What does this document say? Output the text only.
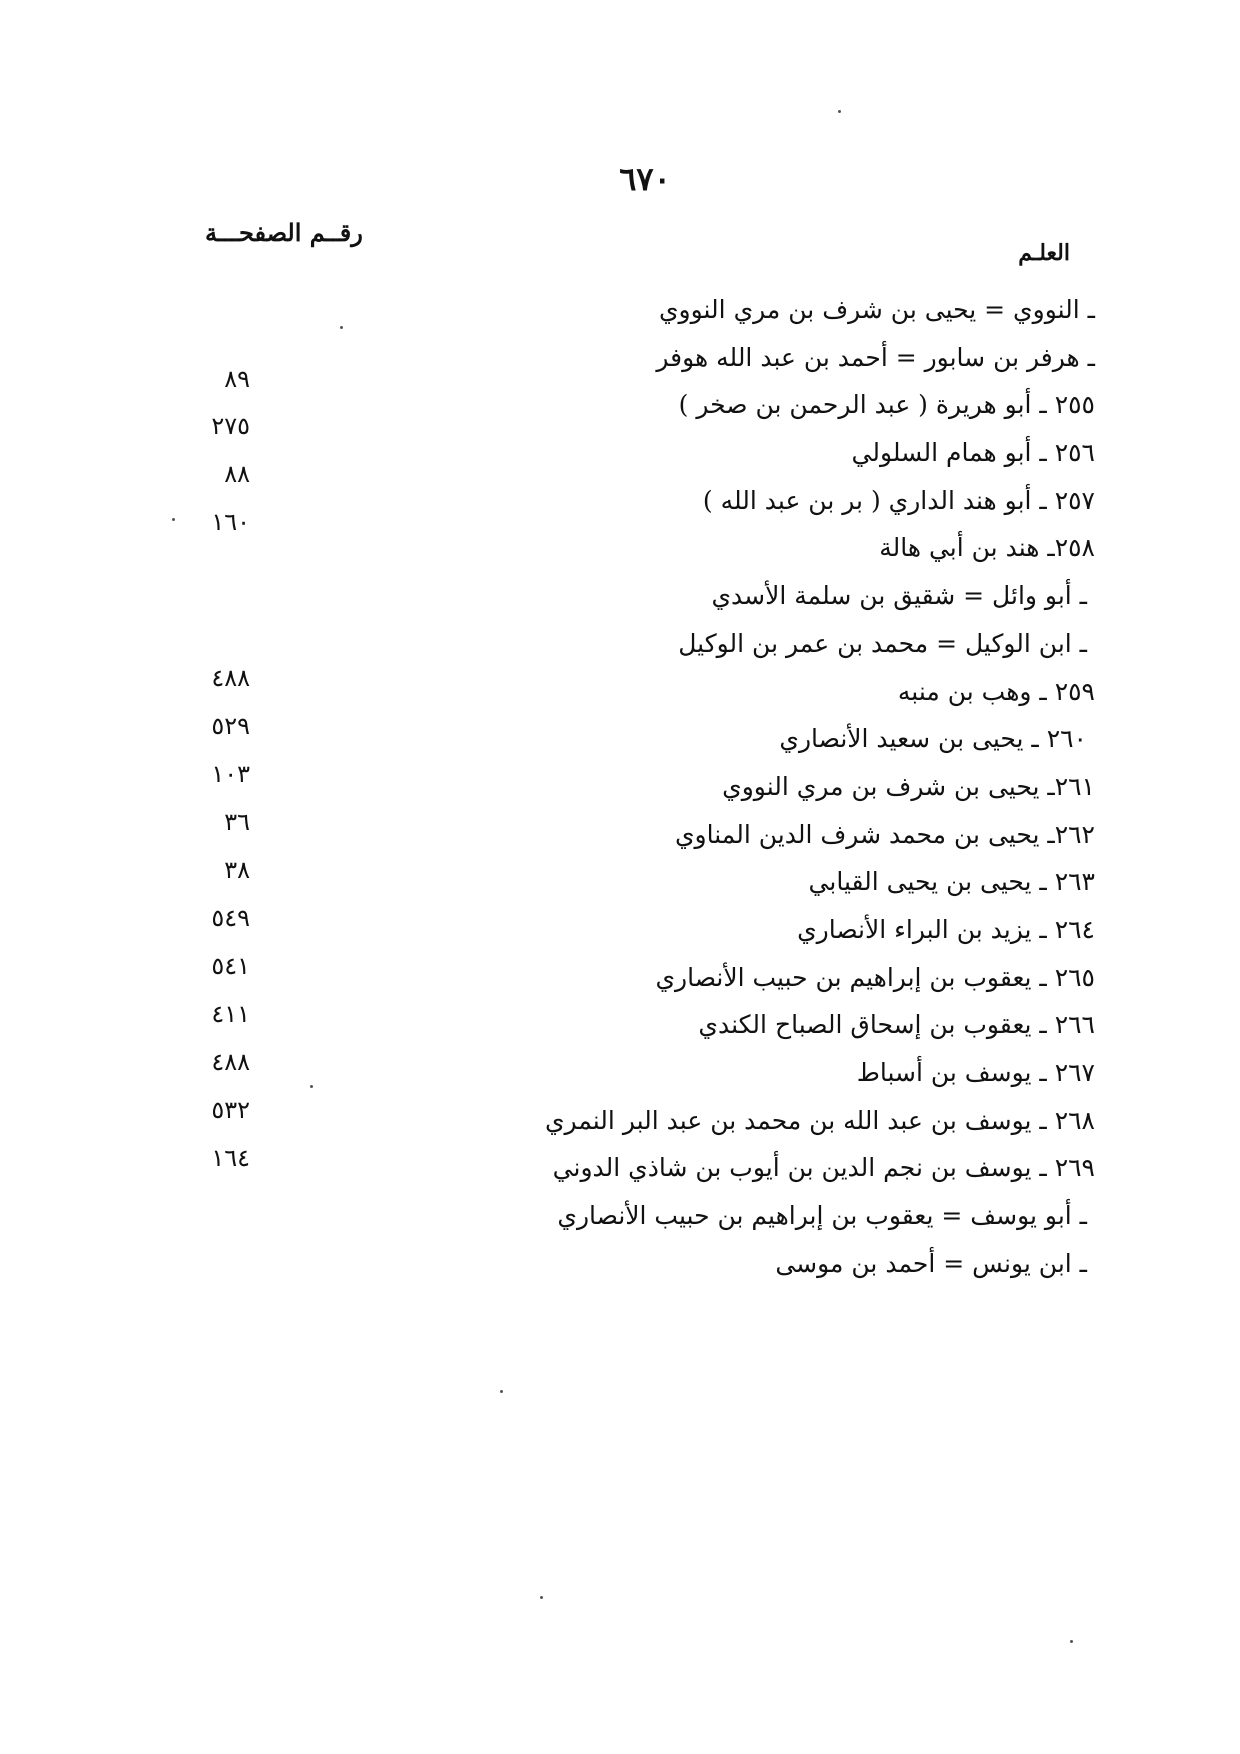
٦٧٠
رقــم الصفحـــة
العلـم
ـ النووي = يحيى بن شرف بن مري النووي
ـ هرفر بن سابور = أحمد بن عبد الله هوفر
٢٥٥ ـ أبو هريرة ( عبد الرحمن بن صخر )
٢٥٦ ـ أبو همام السلولي
٢٥٧ ـ أبو هند الداري ( بر بن عبد الله )
٢٥٨ـ هند بن أبي هالة
ـ أبو وائل = شقيق بن سلمة الأسدي
ـ ابن الوكيل = محمد بن عمر بن الوكيل
٢٥٩ ـ وهب بن منبه
٢٦٠ ـ يحيى بن سعيد الأنصاري
٢٦١ـ يحيى بن شرف بن مري النووي
٢٦٢ـ يحيى بن محمد شرف الدين المناوي
٢٦٣ ـ يحيى بن يحيى القيابي
٢٦٤ ـ يزيد بن البراء الأنصاري
٢٦٥ ـ يعقوب بن إبراهيم بن حبيب الأنصاري
٢٦٦ ـ يعقوب بن إسحاق الصباح الكندي
٢٦٧ ـ يوسف بن أسباط
٢٦٨ ـ يوسف بن عبد الله بن محمد بن عبد البر النمري
٢٦٩ ـ يوسف بن نجم الدين بن أيوب بن شاذي الدوني
ـ أبو يوسف = يعقوب بن إبراهيم بن حبيب الأنصاري
ـ ابن يونس = أحمد بن موسى
٨٩
٢٧٥
٨٨
١٦٠
٤٨٨
٥٢٩
١٠٣
٣٦
٣٨
٥٤٩
٥٤١
٤١١
٤٨٨
٥٣٢
١٦٤
